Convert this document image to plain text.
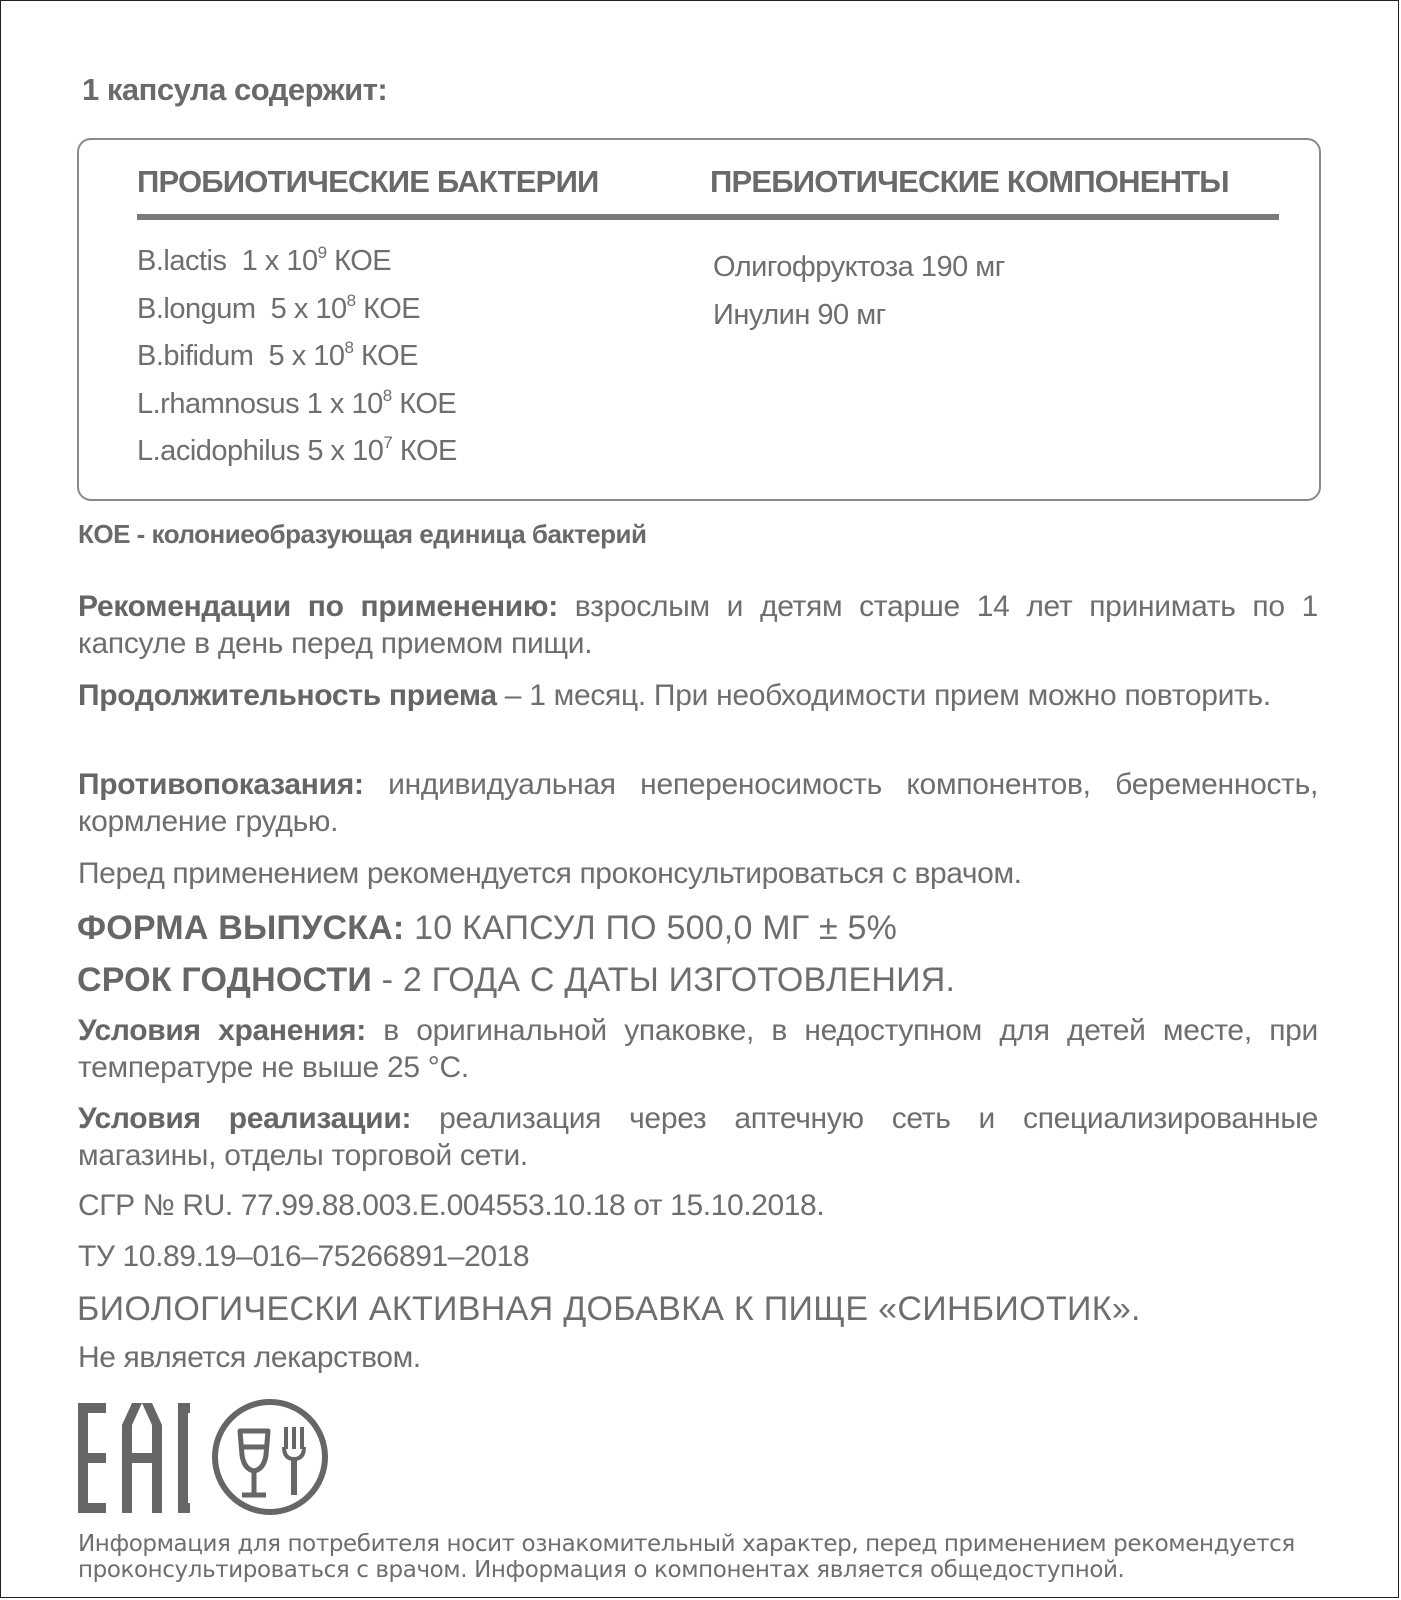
1 капсула содержит:
ПРОБИОТИЧЕСКИЕ БАКТЕРИИ	ПРЕБИОТИЧЕСКИЕ КОМПОНЕНТЫ
B.lactis 1 x $10^9$ КОЕ
B.longum 5 x $10^8$ КОЕ
B.bifidum 5 x $10^8$ КОЕ
L.rhamnosus 1 x $10^8$ КОЕ
L.acidophilus 5 x $10^7$ КОЕ
Олигофруктоза 190 мг
Инулин 90 мг
КОЕ - колониеобразующая единица бактерий

Рекомендации по применению: взрослым и детям старше 14 лет принимать по 1 капсуле в день перед приемом пищи.

Продолжительность приема – 1 месяц. При необходимости прием можно повторить.

Противопоказания: индивидуальная непереносимость компонентов, беременность, кормление грудью.

Перед применением рекомендуется проконсультироваться с врачом.
ФОРМА ВЫПУСКА: 10 КАПСУЛ ПО 500,0 МГ ± 5%
СРОК ГОДНОСТИ - 2 ГОДА С ДАТЫ ИЗГОТОВЛЕНИЯ.

Условия хранения: в оригинальной упаковке, в недоступном для детей месте, при температуре не выше 25 °С.

Условия реализации: реализация через аптечную сеть и специализированные магазины, отделы торговой сети.

СГР № RU. 77.99.88.003.Е.004553.10.18 от 15.10.2018.
ТУ 10.89.19–016–75266891–2018
БИОЛОГИЧЕСКИ АКТИВНАЯ ДОБАВКА К ПИЩЕ «СИНБИОТИК».
Не является лекарством.

Информация для потребителя носит ознакомительный характер, перед применением рекомендуется проконсультироваться с врачом. Информация о компонентах является общедоступной.
